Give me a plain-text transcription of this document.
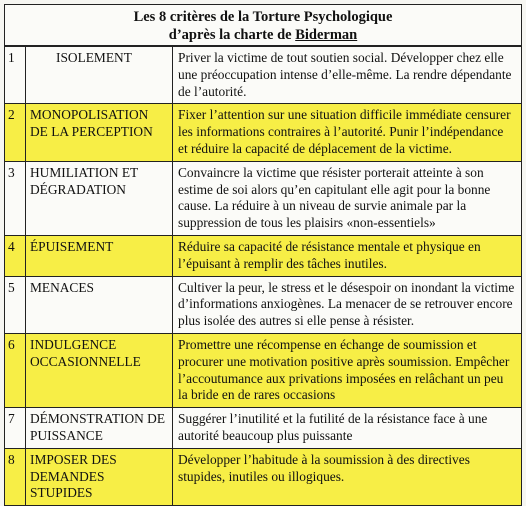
Les 8 critères de la Torture Psychologique
d’après la charte de Biderman
1	ISOLEMENT	Priver la victime de tout soutien social. Développer chez elle une préoccupation intense d’elle-même. La rendre dépendante de l’autorité.
2	MONOPOLISATION DE LA PERCEPTION	Fixer l’attention sur une situation difficile immédiate censurer les informations contraires à l’autorité. Punir l’indépendance et réduire la capacité de déplacement de la victime.
3	HUMILIATION ET DÉGRADATION	Convaincre la victime que résister porterait atteinte à son estime de soi alors qu’en capitulant elle agit pour la bonne cause. La réduire à un niveau de survie animale par la suppression de tous les plaisirs «non-essentiels»
4	ÉPUISEMENT	Réduire sa capacité de résistance mentale et physique en l’épuisant à remplir des tâches inutiles.
5	MENACES	Cultiver la peur, le stress et le désespoir on inondant la victime d’informations anxiogènes. La menacer de se retrouver encore plus isolée des autres si elle pense à résister.
6	INDULGENCE OCCASIONNELLE	Promettre une récompense en échange de soumission et procurer une motivation positive après soumission. Empêcher l’accoutumance aux privations imposées en relâchant un peu la bride en de rares occasions
7	DÉMONSTRATION DE PUISSANCE	Suggérer l’inutilité et la futilité de la résistance face à une autorité beaucoup plus puissante
8	IMPOSER DES DEMANDES STUPIDES	Développer l’habitude à la soumission à des directives stupides, inutiles ou illogiques.
